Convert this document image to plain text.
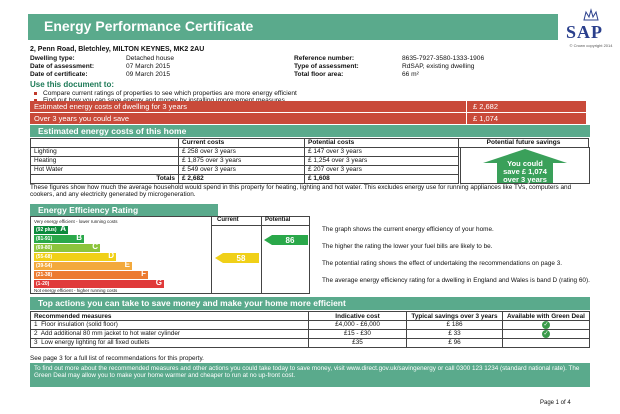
Energy Performance Certificate	SAP
© Crown copyright 2014
2, Penn Road, Bletchley, MILTON KEYNES, MK2 2AU
Dwelling type:	Detached house	Reference number:	8635-7927-3580-1333-1906
Date of assessment:	07 March 2015	Type of assessment:	RdSAP, existing dwelling
Date of certificate:	09 March 2015	Total floor area:	66 m²
Use this document to:
Compare current ratings of properties to see which properties are more energy efficient
Estimated energy costs of dwelling for 3 years	£ 2,682
Over 3 years you could save	£ 1,074
Estimated energy costs of this home
	Current costs	Potential costs	Potential future savings
Lighting	£ 258 over 3 years	£ 147 over 3 years	
Heating	£ 1,875 over 3 years	£ 1,254 over 3 years	
Hot Water	£ 549 over 3 years	£ 207 over 3 years	
Totals	£ 2,682	£ 1,608	
You could
save £ 1,074
over 3 years
These figures show how much the average household would spend in this property for heating, lighting and hot water. This excludes energy use for running appliances like TVs, computers and cookers, and any electricity generated by microgeneration.
Energy Efficiency Rating
Current	Potential
Very energy efficient - lower running costs
(92 plus) A
(81-91)	B
(69-80)	C
(55-68)	D
(39-54)	E
(21-38)	F
(1-20)	G
Not energy efficient - higher running costs
58
86
The graph shows the current energy efficiency of your home.
The higher the rating the lower your fuel bills are likely to be.
The potential rating shows the effect of undertaking the recommendations on page 3.
The average energy efficiency rating for a dwelling in England and Wales is band D (rating 60).
Top actions you can take to save money and make your home more efficient
Recommended measures	Indicative cost	Typical savings over 3 years	Available with Green Deal
1 Floor insulation (solid floor)	£4,000 - £6,000	£ 186	✓
2 Add additional 80 mm jacket to hot water cylinder	£15 - £30	£ 33	✓
3 Low energy lighting for all fixed outlets	£35	£ 96	
See page 3 for a full list of recommendations for this property.
To find out more about the recommended measures and other actions you could take today to save money, visit www.direct.gov.uk/savingenergy or call 0300 123 1234 (standard national rate). The Green Deal may allow you to make your home warmer and cheaper to run at no up-front cost.
Page 1 of 4
